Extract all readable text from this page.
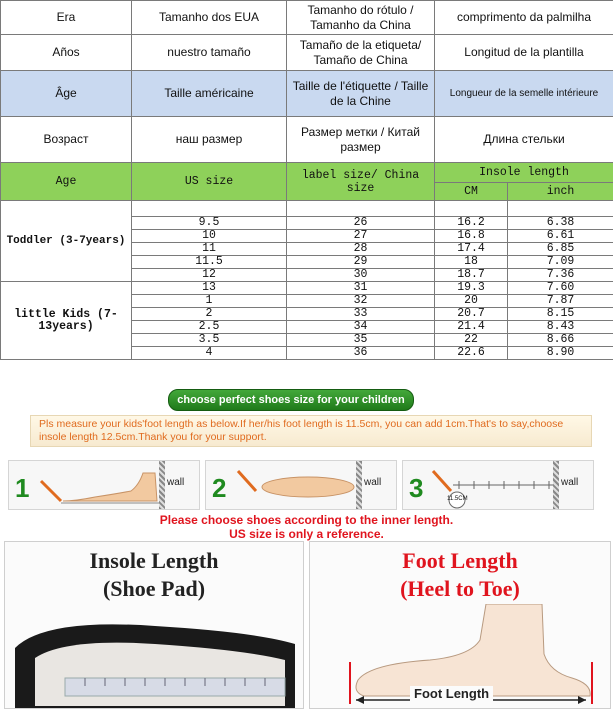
Era	Tamanho dos EUA	Tamanho do rótulo / Tamanho da China	comprimento da palmilha	
Años	nuestro tamaño	Tamaño de la etiqueta/ Tamaño de China	Longitud de la plantilla	
Âge	Taille américaine	Taille de l'étiquette / Taille de la Chine	Longueur de la semelle intérieure	
Возраст	наш размер	Размер метки / Китай размер	Длина стельки	
Age	US size	label size/ China size	Insole length	
			CM	inch
Toddler (3-7years)				
	9.5	26	16.2	6.38
	10	27	16.8	6.61
	11	28	17.4	6.85
	11.5	29	18	7.09
	12	30	18.7	7.36
little Kids (7-13years)	13	31	19.3	7.60
	1	32	20	7.87
	2	33	20.7	8.15
	2.5	34	21.4	8.43
	3.5	35	22	8.66
	4	36	22.6	8.90
choose perfect shoes size for your children
Pls measure your kids'foot length as below.If her/his foot length is 11.5cm, you can add 1cm.That's to say,choose insole length 12.5cm.Thank you for your support.
1	wall 2	wall 3	11.5CM
wall
Please choose shoes according to the inner length.
US size is only a reference.
Insole Length
(Shoe Pad)
Foot Length
(Heel to Toe)
Foot Length
